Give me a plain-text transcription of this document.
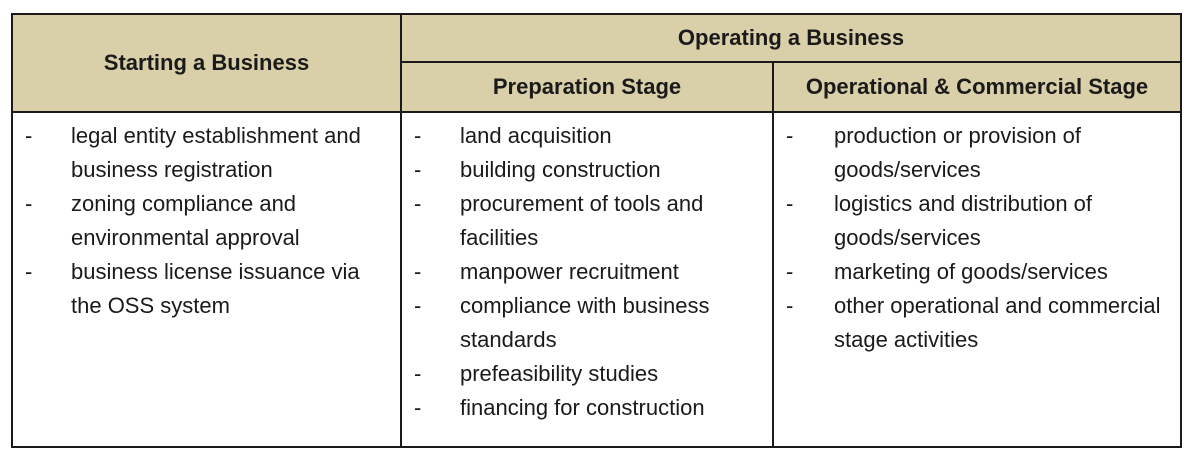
Starting a Business
Operating a Business
Preparation Stage	Operational & Commercial Stage
- legal entity establishment and business registration
- zoning compliance and environmental approval
- business license issuance via the OSS system
- land acquisition
- building construction
- procurement of tools and facilities
- manpower recruitment
- compliance with business standards
- prefeasibility studies
- financing for construction
- production or provision of goods/services
- logistics and distribution of goods/services
- marketing of goods/services
- other operational and commercial stage activities
